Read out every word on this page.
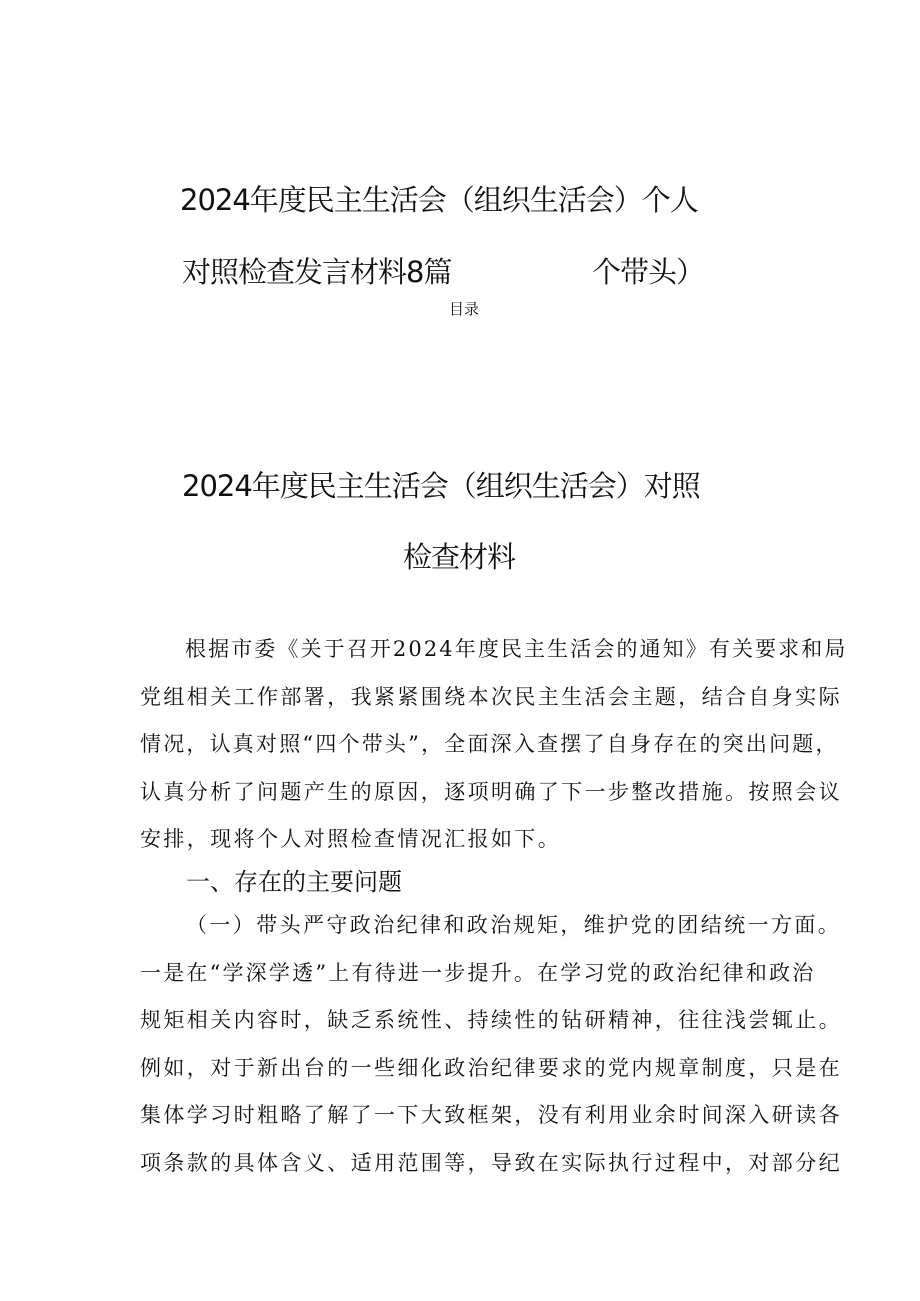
2024年度民主生活会（组织生活会）个人
对照检查发言材料8篇	个带头）
目录
2024年度民主生活会（组织生活会）对照
检查材料
根据市委《关于召开2024年度民主生活会的通知》有关要求和局
党组相关工作部署，我紧紧围绕本次民主生活会主题，结合自身实际
情况，认真对照“四个带头”，全面深入查摆了自身存在的突出问题，
认真分析了问题产生的原因，逐项明确了下一步整改措施。按照会议
安排，现将个人对照检查情况汇报如下。
一、存在的主要问题
（一）带头严守政治纪律和政治规矩，维护党的团结统一方面。
一是在“学深学透”上有待进一步提升。在学习党的政治纪律和政治
规矩相关内容时，缺乏系统性、持续性的钻研精神，往往浅尝辄止。
例如，对于新出台的一些细化政治纪律要求的党内规章制度，只是在
集体学习时粗略了解了一下大致框架，没有利用业余时间深入研读各
项条款的具体含义、适用范围等，导致在实际执行过程中，对部分纪
